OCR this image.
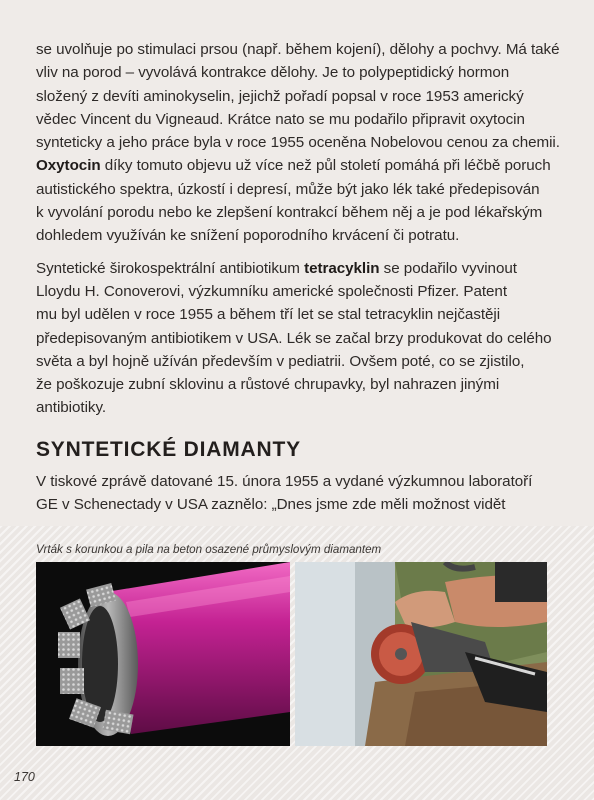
se uvolňuje po stimulaci prsou (např. během kojení), dělohy a pochvy. Má také
vliv na porod – vyvolává kontrakce dělohy. Je to polypeptidický hormon
složený z devíti aminokyselin, jejichž pořadí popsal v roce 1953 americký
vědec Vincent du Vigneaud. Krátce nato se mu podařilo připravit oxytocin
synteticky a jeho práce byla v roce 1955 oceněna Nobelovou cenou za chemii.
Oxytocin díky tomuto objevu už více než půl století pomáhá při léčbě poruch
autistického spektra, úzkostí i depresí, může být jako lék také předepisován
k vyvolání porodu nebo ke zlepšení kontrakcí během něj a je pod lékařským
dohledem využíván ke snížení poporodního krvácení či potratu.

Syntetické širokospektrální antibiotikum tetracyklin se podařilo vyvinout
Lloydu H. Conoverovi, výzkumníku americké společnosti Pfizer. Patent
mu byl udělen v roce 1955 a během tří let se stal tetracyklin nejčastěji
předepisovaným antibiotikem v USA. Lék se začal brzy produkovat do celého
světa a byl hojně užíván především v pediatrii. Ovšem poté, co se zjistilo,
že poškozuje zubní sklovinu a růstové chrupavky, byl nahrazen jinými
antibiotiky.

SYNTETICKÉ DIAMANTY

V tiskové zprávě datované 15. února 1955 a vydané výzkumnou laboratoří
GE v Schenectady v USA zaznělo: „Dnes jsme zde měli možnost vidět

Vrták s korunkou a pila na beton osazené průmyslovým diamantem
170
